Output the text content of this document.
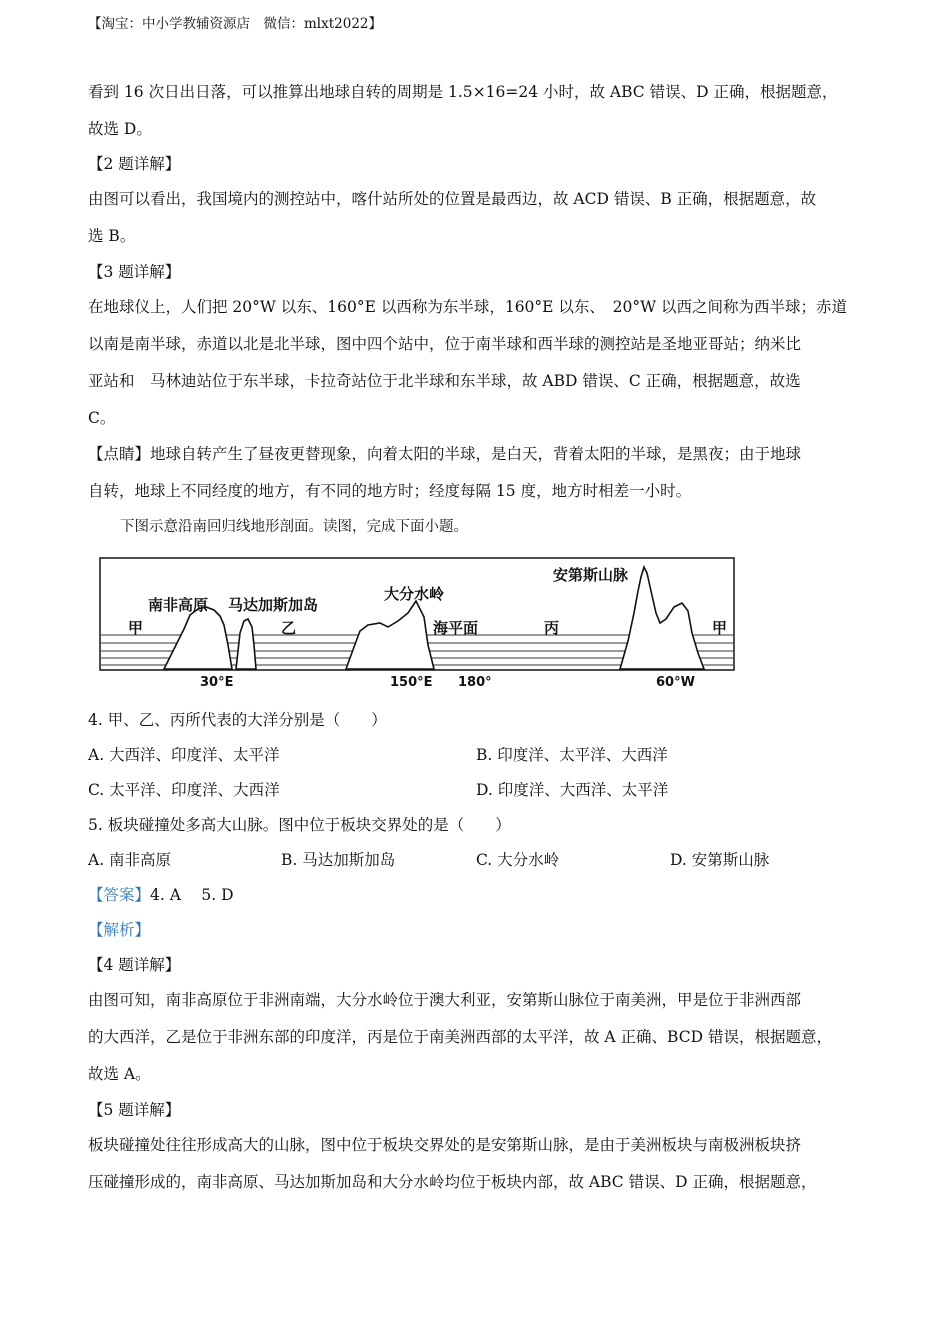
【淘宝：中小学教辅资源店　微信：mlxt2022】
看到 16 次日出日落，可以推算出地球自转的周期是 1.5×16=24 小时，故 ABC 错误、D 正确，根据题意，
故选 D。
【2 题详解】
由图可以看出，我国境内的测控站中，喀什站所处的位置是最西边，故 ACD 错误、B 正确，根据题意，故
选 B。
【3 题详解】
在地球仪上，人们把 20°W 以东、160°E 以西称为东半球，160°E 以东、　20°W 以西之间称为西半球；赤道
以南是南半球，赤道以北是北半球，图中四个站中，位于南半球和西半球的测控站是圣地亚哥站；纳米比
亚站和　马林迪站位于东半球，卡拉奇站位于北半球和东半球，故 ABD 错误、C 正确，根据题意，故选
C。
【点睛】地球自转产生了昼夜更替现象，向着太阳的半球，是白天，背着太阳的半球，是黑夜；由于地球
自转，地球上不同经度的地方，有不同的地方时；经度每隔 15 度，地方时相差一小时。
下图示意沿南回归线地形剖面。读图，完成下面小题。
南非高原 马达加斯加岛
大分水岭
安第斯山脉
海平面
甲	乙	丙	甲
30°E	150°E 180°	60°W
4. 甲、乙、丙所代表的大洋分别是（　　）
A. 大西洋、印度洋、太平洋	B. 印度洋、太平洋、大西洋
C. 太平洋、印度洋、大西洋	D. 印度洋、大西洋、太平洋
5. 板块碰撞处多高大山脉。图中位于板块交界处的是（　　）
A. 南非高原	B. 马达加斯加岛	C. 大分水岭	D. 安第斯山脉
【答案】4. A　 5. D
【解析】
【4 题详解】
由图可知，南非高原位于非洲南端，大分水岭位于澳大利亚，安第斯山脉位于南美洲，甲是位于非洲西部
的大西洋，乙是位于非洲东部的印度洋，丙是位于南美洲西部的太平洋，故 A 正确、BCD 错误，根据题意，
故选 A。
【5 题详解】
板块碰撞处往往形成高大的山脉，图中位于板块交界处的是安第斯山脉，是由于美洲板块与南极洲板块挤
压碰撞形成的，南非高原、马达加斯加岛和大分水岭均位于板块内部，故 ABC 错误、D 正确，根据题意，
